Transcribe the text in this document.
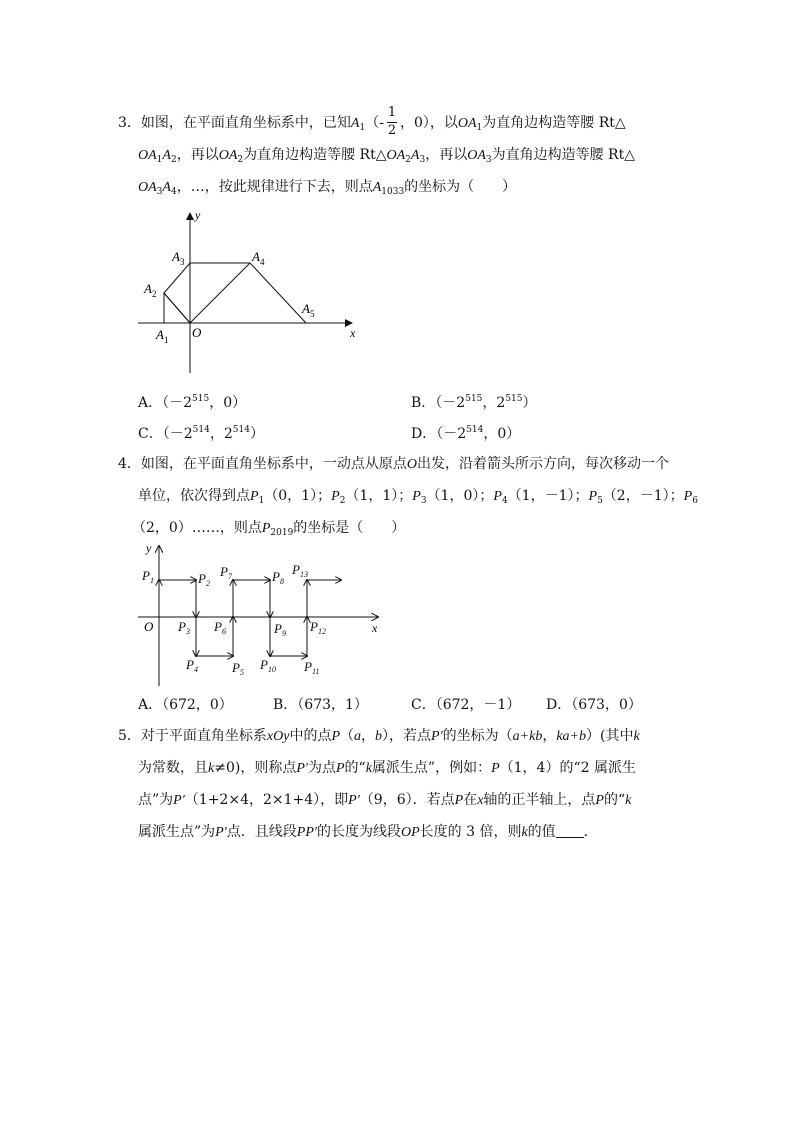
3．如图，在平面直角坐标系中，已知$A_1(- \frac{1}{2}$ ，0），以$OA_1$为直角边构造等腰 Rt△
$OA_1A_2$，再以$OA_2$为直角边构造等腰 $Rt\triangle OA_2A_3$，再以$OA_3$为直角边构造等腰 Rt△
$OA_3A_4$，…，按此规律进行下去，则点$A_{1033}$的坐标为（　　）
y
x
O
$A_1$
$A_2$
$A_3$	$A_4$
$A_5$
A．（$-2^{515}$，0）	B．（$-2^{515}$，$2^{515}$）
C．（$-2^{514}$，$2^{514}$）	D．（$-2^{514}$，0）
4．如图，在平面直角坐标系中，一动点从原点O出发，沿着箭头所示方向，每次移动一个
单位，依次得到点$P_1(0$，1）；$P_2(1$，1）；$P_3(1$，0）；$P_4(1$，－1）；$P_5(2$，－1）；$P_6$
（2，0）……，则点$P_{2019}$的坐标是（　　）
y
x
O
$P_1$	$P_2$
$P_3$
$P_4$	$P_5$
$P_6$
$P_7$	$P_8$
$P_9$
$P_{10}$ $P_{11}$
$P_{12}$
$P_{13}$
A．（672，0）	B．（673，1）	C．（672，－1） D．（673，0）
5．对于平面直角坐标系xOy中的点P（a，b），若点P′的坐标为（a+kb，ka+b）(其中k
为常数，且k≠0)，则称点P′为点P的“k属派生点”，例如：P（1，4）的“2 属派生
点”为P′（1+2×4，2×1+4），即P′（9，6）．若点P在x轴的正半轴上，点P的“k
属派生点”为P′点．且线段PP′的长度为线段OP长度的 3 倍，则k的值 ．
